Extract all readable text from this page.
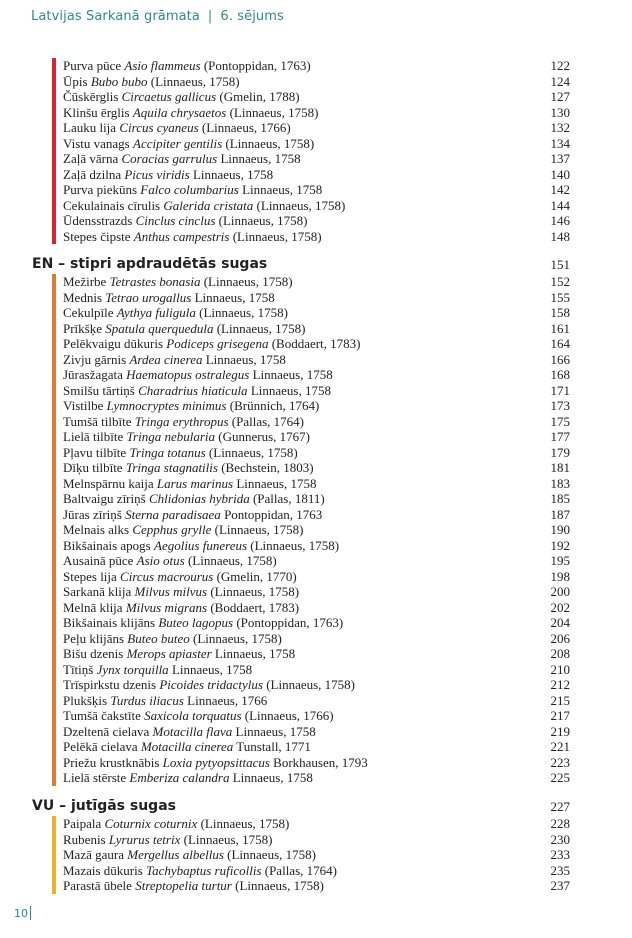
Latvijas Sarkanā grāmata | 6. sējums
Purva pūce Asio flammeus (Pontoppidan, 1763)	122
Ūpis Bubo bubo (Linnaeus, 1758)	124
Čūskērglis Circaetus gallicus (Gmelin, 1788)	127
Klinšu ērglis Aquila chrysaetos (Linnaeus, 1758)	130
Lauku lija Circus cyaneus (Linnaeus, 1766)	132
Vistu vanags Accipiter gentilis (Linnaeus, 1758)	134
Zaļā vārna Coracias garrulus Linnaeus, 1758	137
Zaļā dzilna Picus viridis Linnaeus, 1758	140
Purva piekūns Falco columbarius Linnaeus, 1758	142
Cekulainais cīrulis Galerida cristata (Linnaeus, 1758)	144
Ūdensstrazds Cinclus cinclus (Linnaeus, 1758)	146
Stepes čipste Anthus campestris (Linnaeus, 1758)	148
EN – stipri apdraudētās sugas	151
Mežirbe Tetrastes bonasia (Linnaeus, 1758)	152
Mednis Tetrao urogallus Linnaeus, 1758	155
Cekulpīle Aythya fuligula (Linnaeus, 1758)	158
Prīkšķe Spatula querquedula (Linnaeus, 1758)	161
Pelēkvaigu dūkuris Podiceps grisegena (Boddaert, 1783)	164
Zivju gārnis Ardea cinerea Linnaeus, 1758	166
Jūrasžagata Haematopus ostralegus Linnaeus, 1758	168
Smilšu tārtiņš Charadrius hiaticula Linnaeus, 1758	171
Vistilbe Lymnocryptes minimus (Brünnich, 1764)	173
Tumšā tilbīte Tringa erythropus (Pallas, 1764)	175
Lielā tilbīte Tringa nebularia (Gunnerus, 1767)	177
Pļavu tilbīte Tringa totanus (Linnaeus, 1758)	179
Dīķu tilbīte Tringa stagnatilis (Bechstein, 1803)	181
Melnspārnu kaija Larus marinus Linnaeus, 1758	183
Baltvaigu zīriņš Chlidonias hybrida (Pallas, 1811)	185
Jūras zīriņš Sterna paradisaea Pontoppidan, 1763	187
Melnais alks Cepphus grylle (Linnaeus, 1758)	190
Bikšainais apogs Aegolius funereus (Linnaeus, 1758)	192
Ausainā pūce Asio otus (Linnaeus, 1758)	195
Stepes lija Circus macrourus (Gmelin, 1770)	198
Sarkanā klija Milvus milvus (Linnaeus, 1758)	200
Melnā klija Milvus migrans (Boddaert, 1783)	202
Bikšainais klijāns Buteo lagopus (Pontoppidan, 1763)	204
Peļu klijāns Buteo buteo (Linnaeus, 1758)	206
Bišu dzenis Merops apiaster Linnaeus, 1758	208
Tītiņš Jynx torquilla Linnaeus, 1758	210
Trīspirkstu dzenis Picoides tridactylus (Linnaeus, 1758)	212
Plukšķis Turdus iliacus Linnaeus, 1766	215
Tumšā čakstīte Saxicola torquatus (Linnaeus, 1766)	217
Dzeltenā cielava Motacilla flava Linnaeus, 1758	219
Pelēkā cielava Motacilla cinerea Tunstall, 1771	221
Priežu krustknābis Loxia pytyopsittacus Borkhausen, 1793	223
Lielā stērste Emberiza calandra Linnaeus, 1758	225
VU – jutīgās sugas	227
Paipala Coturnix coturnix (Linnaeus, 1758)	228
Rubenis Lyrurus tetrix (Linnaeus, 1758)	230
Mazā gaura Mergellus albellus (Linnaeus, 1758)	233
Mazais dūkuris Tachybaptus ruficollis (Pallas, 1764)	235
Parastā ūbele Streptopelia turtur (Linnaeus, 1758)	237
10
